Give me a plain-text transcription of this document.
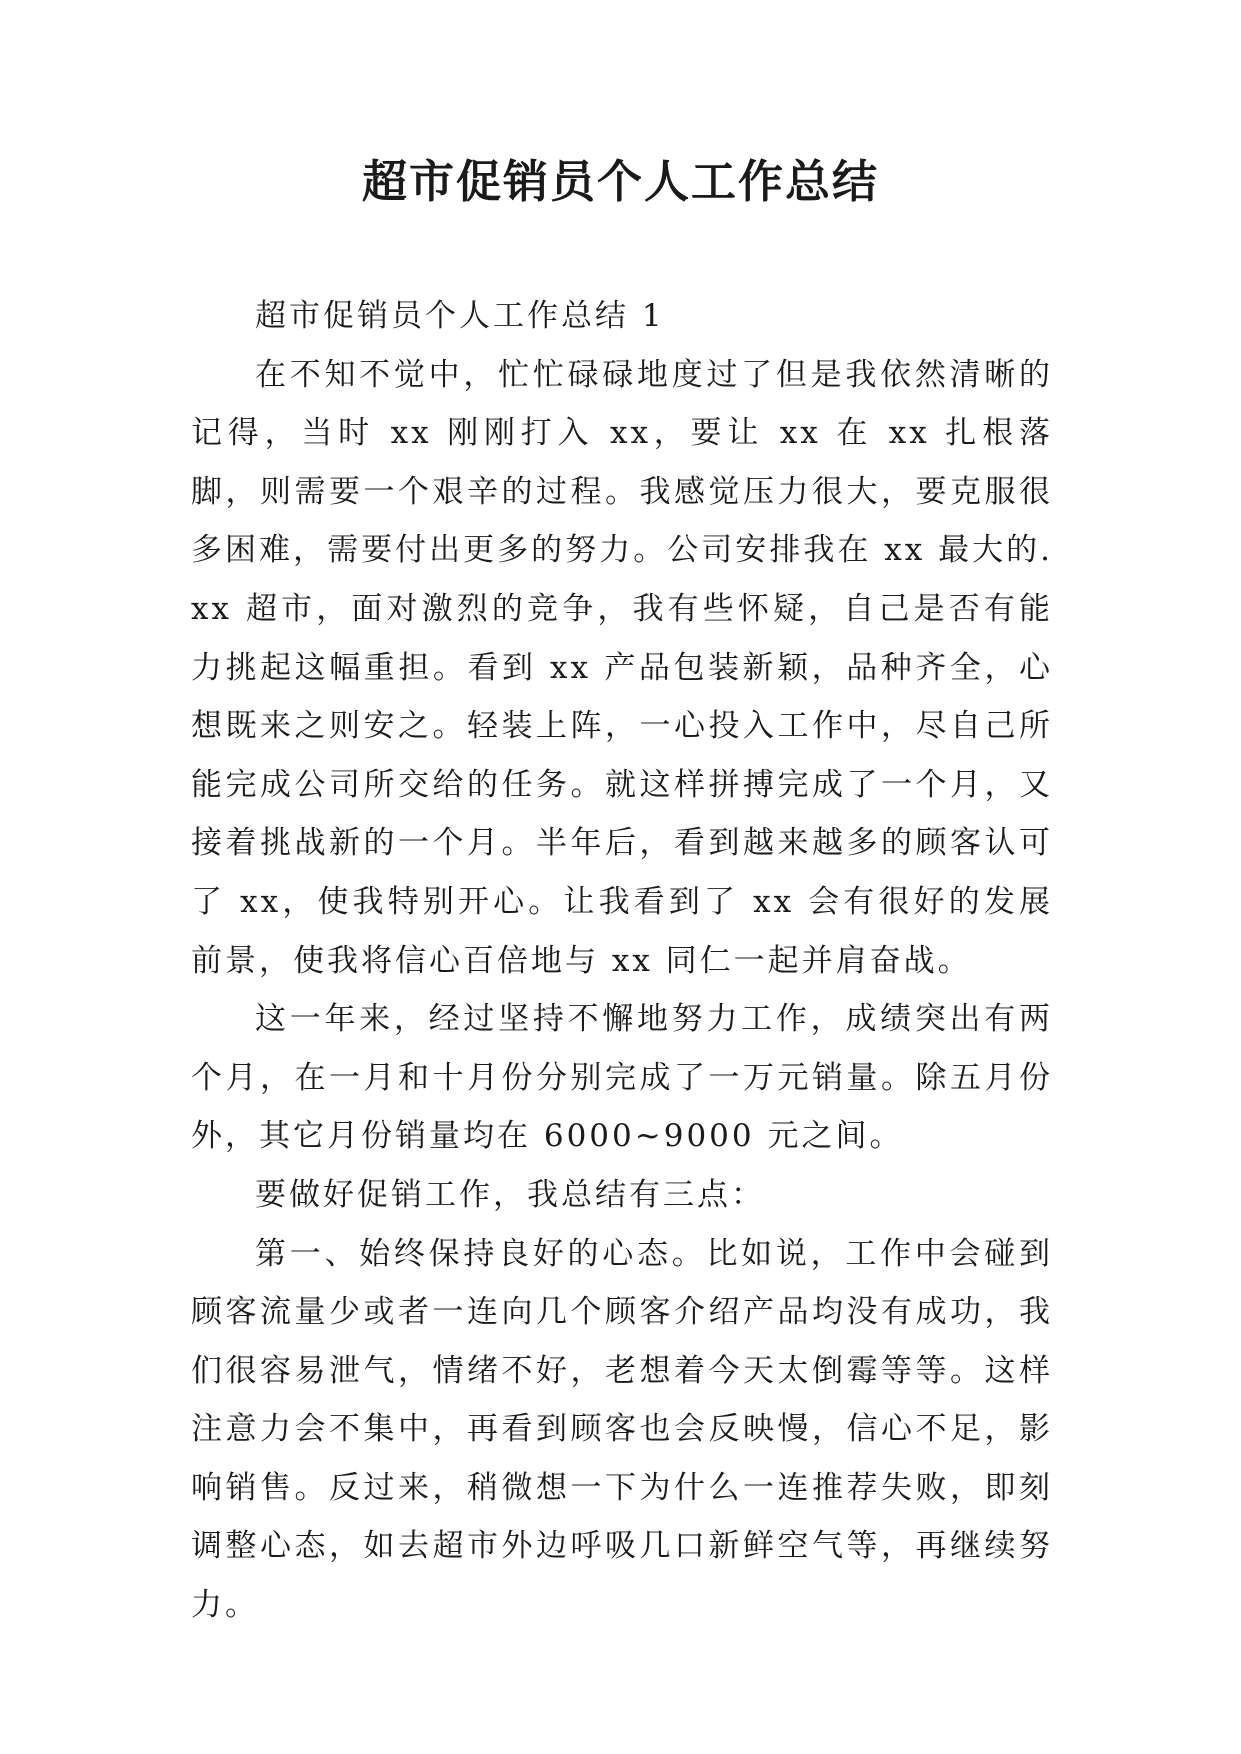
超市促销员个人工作总结

超市促销员个人工作总结 1

在不知不觉中，忙忙碌碌地度过了但是我依然清晰的记得，当时 xx 刚刚打入 xx，要让 xx 在 xx 扎根落脚，则需要一个艰辛的过程。我感觉压力很大，要克服很多困难，需要付出更多的努力。公司安排我在 xx 最大的. xx 超市，面对激烈的竞争，我有些怀疑，自己是否有能力挑起这幅重担。看到 xx 产品包装新颖，品种齐全，心想既来之则安之。轻装上阵，一心投入工作中，尽自己所能完成公司所交给的任务。就这样拼搏完成了一个月，又接着挑战新的一个月。半年后，看到越来越多的顾客认可了 xx，使我特别开心。让我看到了 xx 会有很好的发展前景，使我将信心百倍地与 xx 同仁一起并肩奋战。

这一年来，经过坚持不懈地努力工作，成绩突出有两个月，在一月和十月份分别完成了一万元销量。除五月份外，其它月份销量均在 6000~9000 元之间。

要做好促销工作，我总结有三点：

第一、始终保持良好的心态。比如说，工作中会碰到顾客流量少或者一连向几个顾客介绍产品均没有成功，我们很容易泄气，情绪不好，老想着今天太倒霉等等。这样注意力会不集中，再看到顾客也会反映慢，信心不足，影响销售。反过来，稍微想一下为什么一连推荐失败，即刻调整心态，如去超市外边呼吸几口新鲜空气等，再继续努力。
